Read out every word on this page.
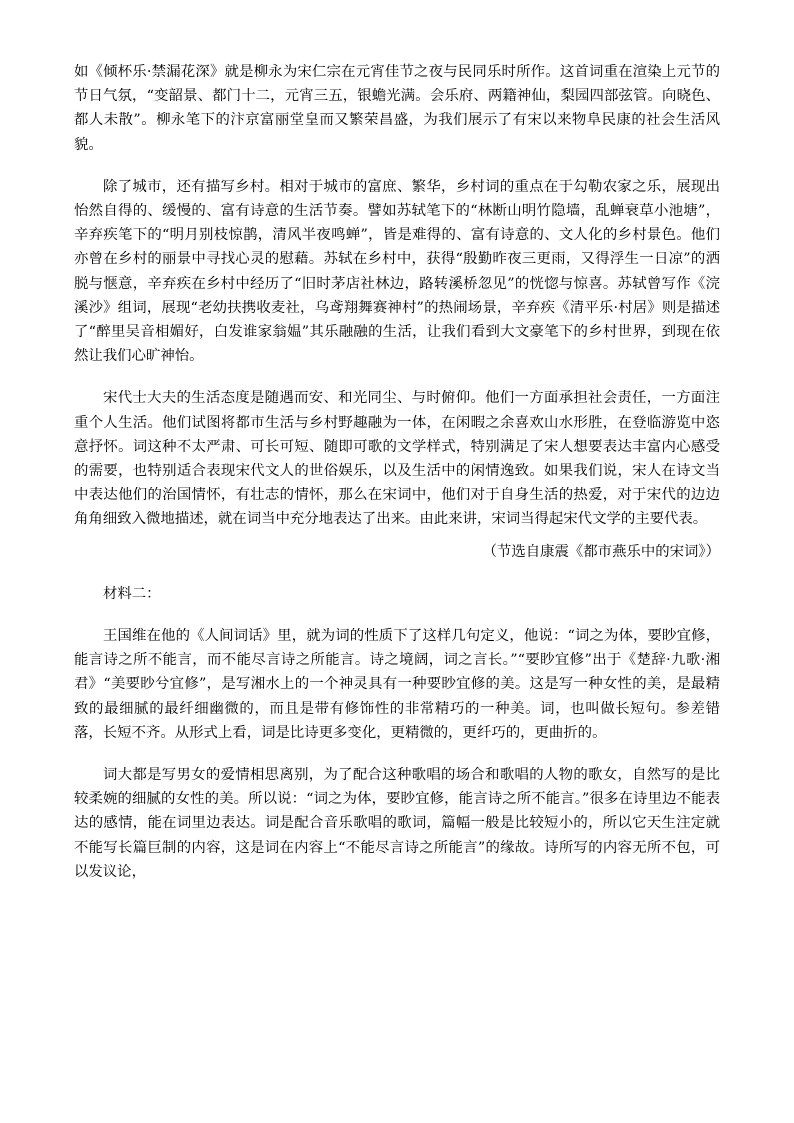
如《倾杯乐·禁漏花深》就是柳永为宋仁宗在元宵佳节之夜与民同乐时所作。这首词重在渲染上元节的节日气氛，“变韶景、都门十二，元宵三五，银蟾光满。会乐府、两籍神仙，梨园四部弦管。向晓色、都人未散”。柳永笔下的汴京富丽堂皇而又繁荣昌盛，为我们展示了有宋以来物阜民康的社会生活风貌。

除了城市，还有描写乡村。相对于城市的富庶、繁华，乡村词的重点在于勾勒农家之乐，展现出怡然自得的、缓慢的、富有诗意的生活节奏。譬如苏轼笔下的“林断山明竹隐墙，乱蝉衰草小池塘”，辛弃疾笔下的“明月别枝惊鹊，清风半夜鸣蝉”，皆是难得的、富有诗意的、文人化的乡村景色。他们亦曾在乡村的丽景中寻找心灵的慰藉。苏轼在乡村中，获得“殷勤昨夜三更雨，又得浮生一日凉”的洒脱与惬意，辛弃疾在乡村中经历了“旧时茅店社林边，路转溪桥忽见”的恍惚与惊喜。苏轼曾写作《浣溪沙》组词，展现“老幼扶携收麦社，乌鸢翔舞赛神村”的热闹场景，辛弃疾《清平乐·村居》则是描述了“醉里吴音相媚好，白发谁家翁媪”其乐融融的生活，让我们看到大文豪笔下的乡村世界，到现在依然让我们心旷神怡。

宋代士大夫的生活态度是随遇而安、和光同尘、与时俯仰。他们一方面承担社会责任，一方面注重个人生活。他们试图将都市生活与乡村野趣融为一体，在闲暇之余喜欢山水形胜，在登临游览中恣意抒怀。词这种不太严肃、可长可短、随即可歌的文学样式，特别满足了宋人想要表达丰富内心感受的需要，也特别适合表现宋代文人的世俗娱乐，以及生活中的闲情逸致。如果我们说，宋人在诗文当中表达他们的治国情怀，有壮志的情怀，那么在宋词中，他们对于自身生活的热爱，对于宋代的边边角角细致入微地描述，就在词当中充分地表达了出来。由此来讲，宋词当得起宋代文学的主要代表。

（节选自康震《都市燕乐中的宋词》）

材料二：

王国维在他的《人间词话》里，就为词的性质下了这样几句定义，他说：“词之为体，要眇宜修，能言诗之所不能言，而不能尽言诗之所能言。诗之境阔，词之言长。”“要眇宜修”出于《楚辞·九歌·湘君》“美要眇兮宜修”，是写湘水上的一个神灵具有一种要眇宜修的美。这是写一种女性的美，是最精致的最细腻的最纤细幽微的，而且是带有修饰性的非常精巧的一种美。词，也叫做长短句。参差错落，长短不齐。从形式上看，词是比诗更多变化，更精微的，更纤巧的，更曲折的。

词大都是写男女的爱情相思离别，为了配合这种歌唱的场合和歌唱的人物的歌女，自然写的是比较柔婉的细腻的女性的美。所以说：“词之为体，要眇宜修，能言诗之所不能言。”很多在诗里边不能表达的感情，能在词里边表达。词是配合音乐歌唱的歌词，篇幅一般是比较短小的，所以它天生注定就不能写长篇巨制的内容，这是词在内容上“不能尽言诗之所能言”的缘故。诗所写的内容无所不包，可以发议论，
